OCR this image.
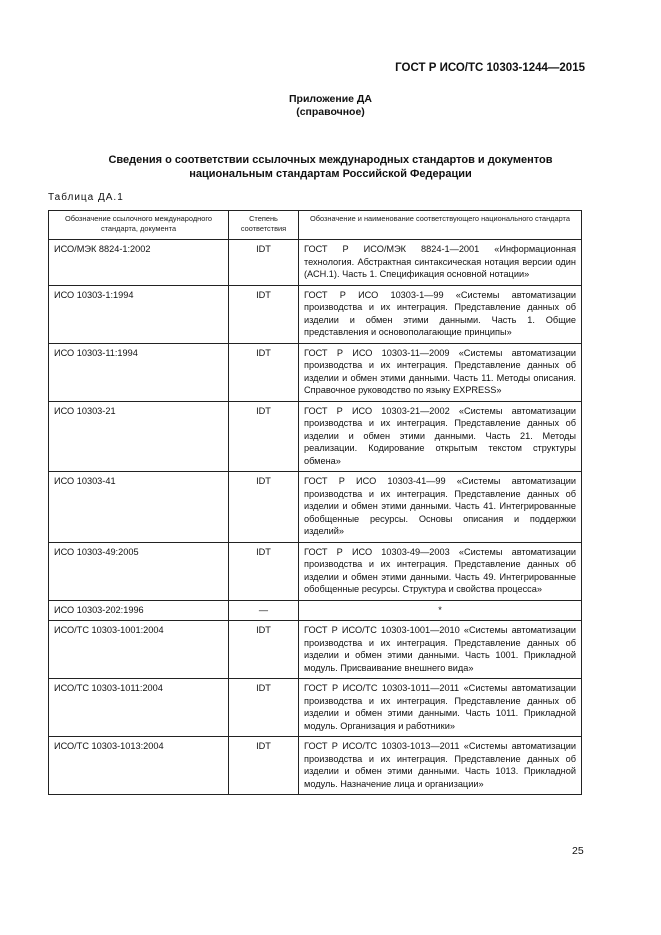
ГОСТ Р ИСО/ТС 10303-1244—2015
Приложение ДА
(справочное)
Сведения о соответствии ссылочных международных стандартов и документов
национальным стандартам Российской Федерации
Таблица ДА.1
Обозначение ссылочного международного стандарта, документа	Степень соответствия	Обозначение и наименование соответствующего национального стандарта
ИСО/МЭК 8824-1:2002	IDT	ГОСТ Р ИСО/МЭК 8824-1—2001 «Информационная технология. Абстрактная синтаксическая нотация версии один (АСН.1). Часть 1. Спецификация основной нотации»
ИСО 10303-1:1994	IDT	ГОСТ Р ИСО 10303-1—99 «Системы автоматизации производства и их интеграция. Представление данных об изделии и обмен этими данными. Часть 1. Общие представления и основополагающие принципы»
ИСО 10303-11:1994	IDT	ГОСТ Р ИСО 10303-11—2009 «Системы автоматизации производства и их интеграция. Представление данных об изделии и обмен этими данными. Часть 11. Методы описания. Справочное руководство по языку EXPRESS»
ИСО 10303-21	IDT	ГОСТ Р ИСО 10303-21—2002 «Системы автоматизации производства и их интеграция. Представление данных об изделии и обмен этими данными. Часть 21. Методы реализации. Кодирование открытым текстом структуры обмена»
ИСО 10303-41	IDT	ГОСТ Р ИСО 10303-41—99 «Системы автоматизации производства и их интеграция. Представление данных об изделии и обмен этими данными. Часть 41. Интегрированные обобщенные ресурсы. Основы описания и поддержки изделий»
ИСО 10303-49:2005	IDT	ГОСТ Р ИСО 10303-49—2003 «Системы автоматизации производства и их интеграция. Представление данных об изделии и обмен этими данными. Часть 49. Интегрированные обобщенные ресурсы. Структура и свойства процесса»
ИСО 10303-202:1996	—	*
ИСО/ТС 10303-1001:2004	IDT	ГОСТ Р ИСО/ТС 10303-1001—2010 «Системы автоматизации производства и их интеграция. Представление данных об изделии и обмен этими данными. Часть 1001. Прикладной модуль. Присваивание внешнего вида»
ИСО/ТС 10303-1011:2004	IDT	ГОСТ Р ИСО/ТС 10303-1011—2011 «Системы автоматизации производства и их интеграция. Представление данных об изделии и обмен этими данными. Часть 1011. Прикладной модуль. Организация и работники»
ИСО/ТС 10303-1013:2004	IDT	ГОСТ Р ИСО/ТС 10303-1013—2011 «Системы автоматизации производства и их интеграция. Представление данных об изделии и обмен этими данными. Часть 1013. Прикладной модуль. Назначение лица и организации»
25
